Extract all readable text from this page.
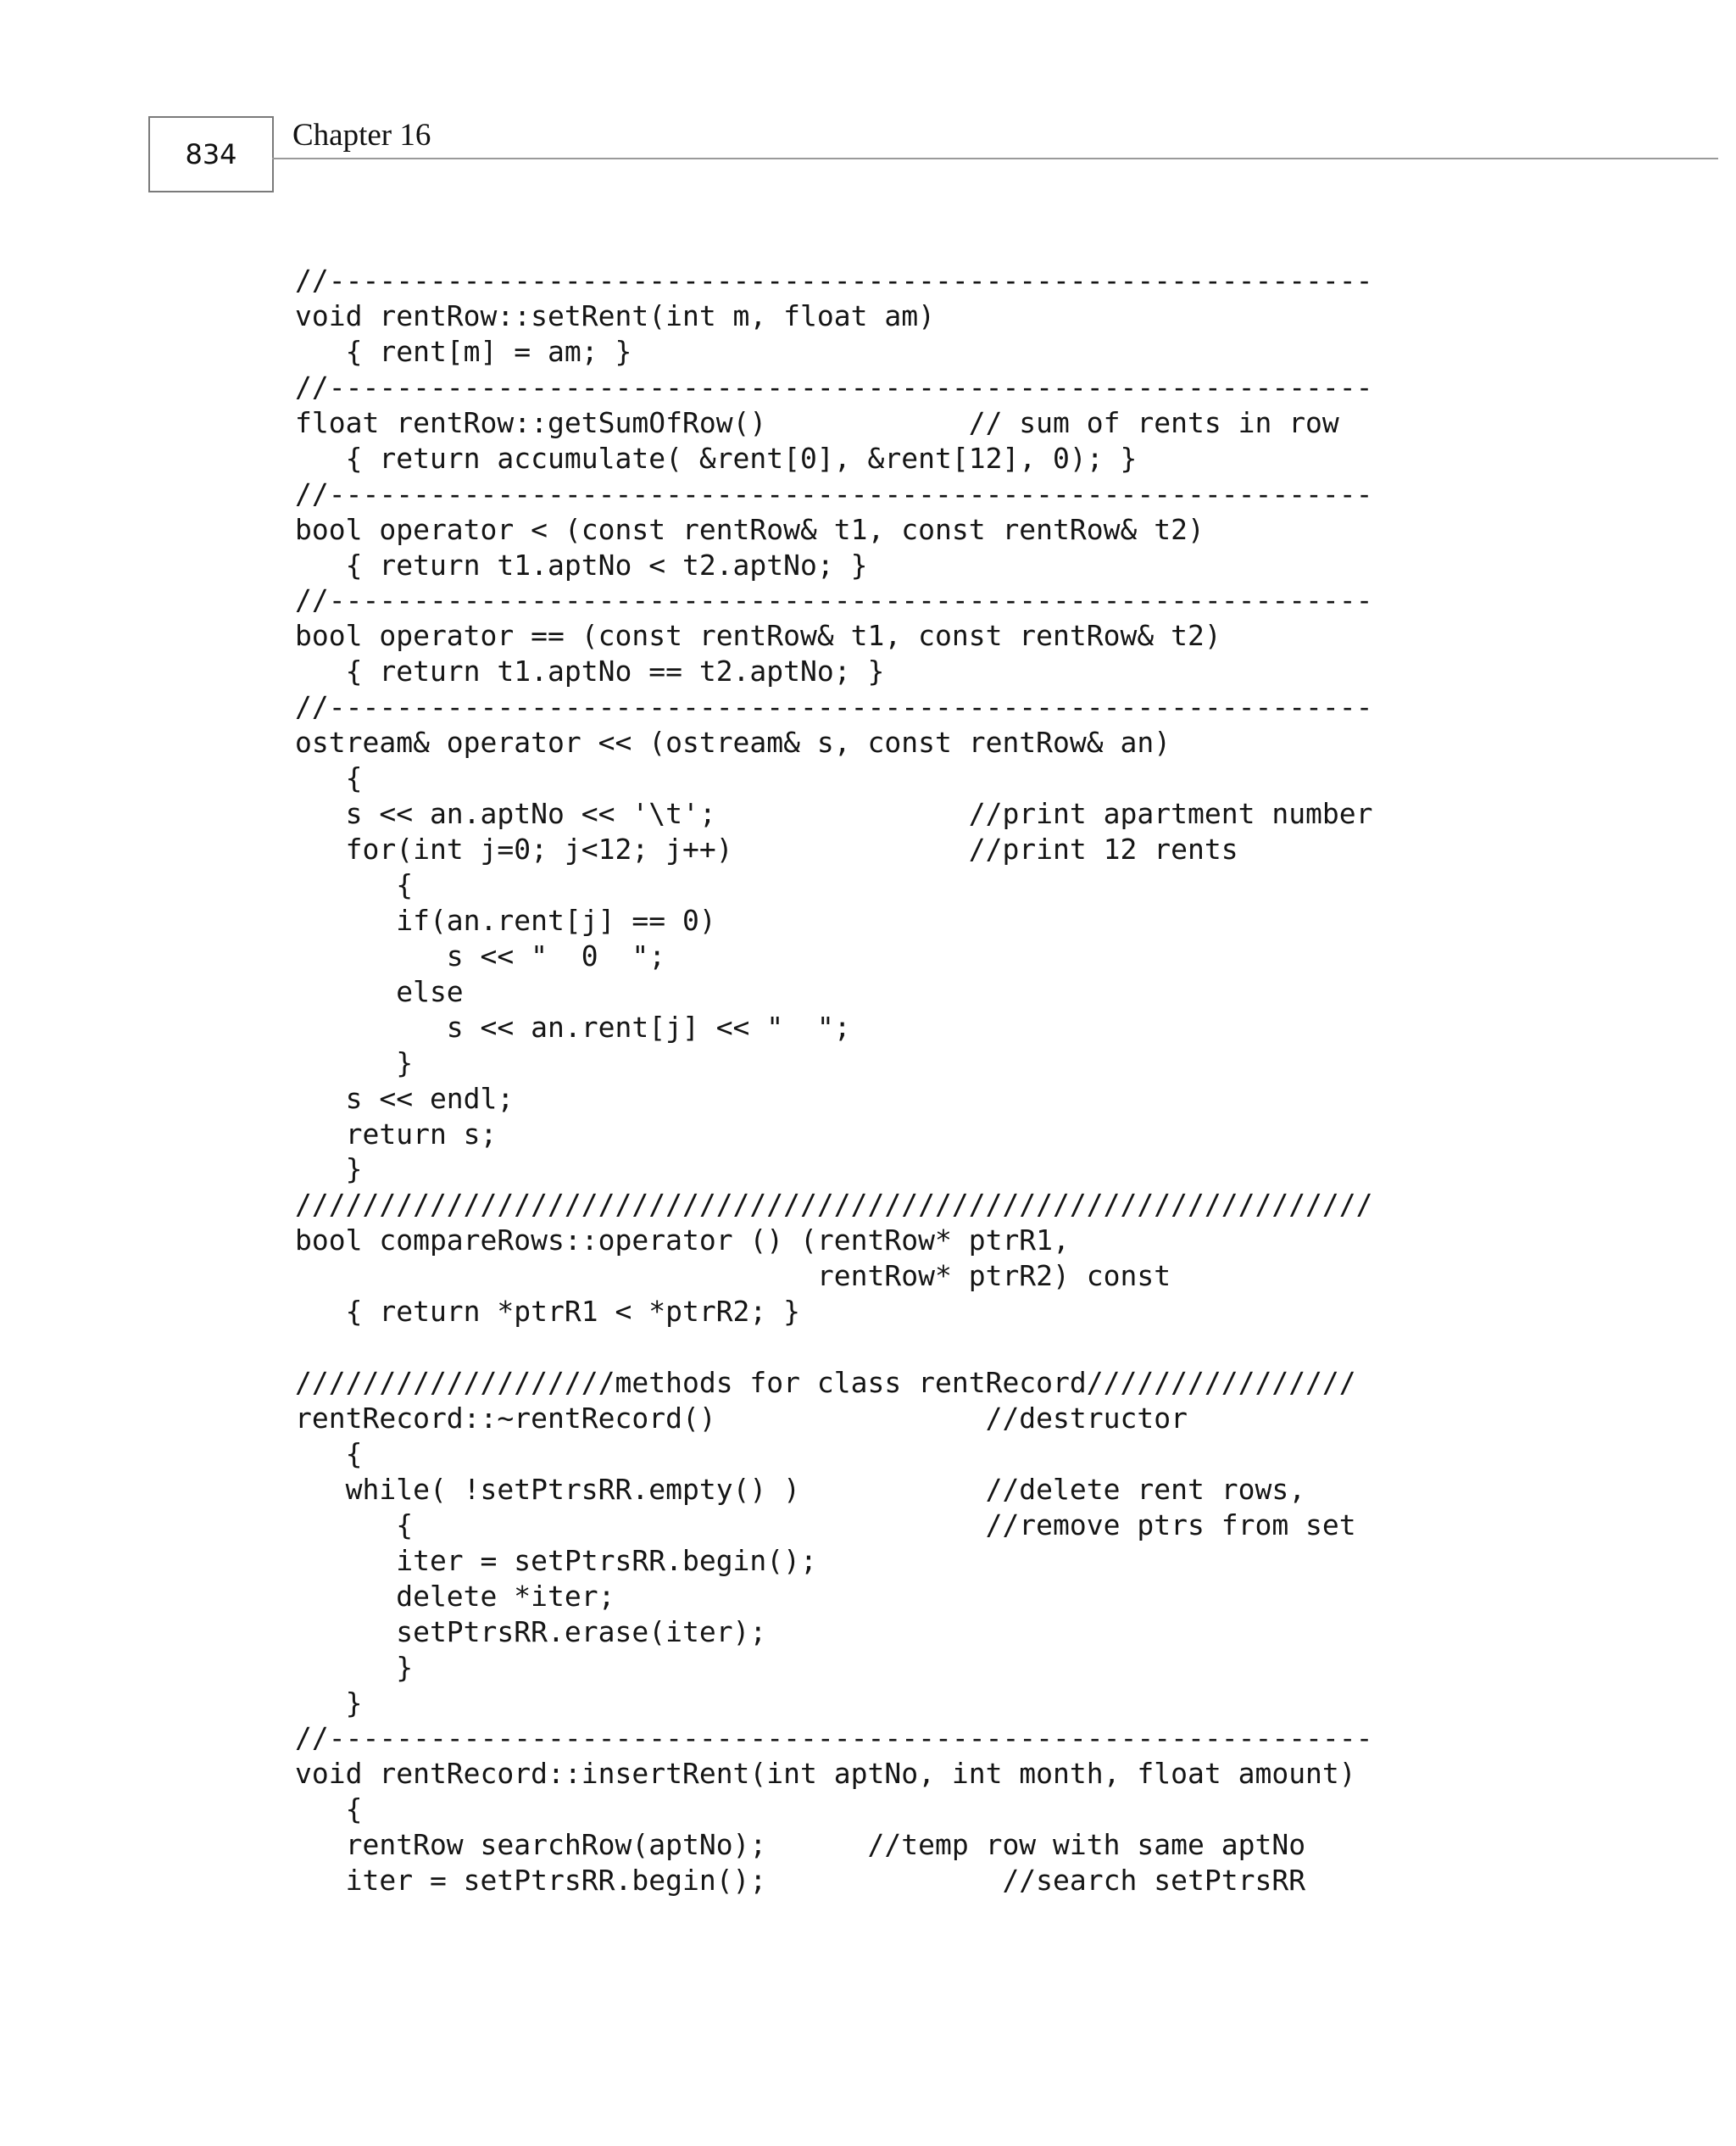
834
Chapter 16
//--------------------------------------------------------------
void rentRow::setRent(int m, float am)
{ rent[m] = am; }
//--------------------------------------------------------------
float rentRow::getSumOfRow()            // sum of rents in row
{ return accumulate( &rent[0], &rent[12], 0); }
//--------------------------------------------------------------
bool operator < (const rentRow& t1, const rentRow& t2)
{ return t1.aptNo < t2.aptNo; }
//--------------------------------------------------------------
bool operator == (const rentRow& t1, const rentRow& t2)
{ return t1.aptNo == t2.aptNo; }
//--------------------------------------------------------------
ostream& operator << (ostream& s, const rentRow& an)
{
s << an.aptNo << '\t';               //print apartment number
for(int j=0; j<12; j++)              //print 12 rents
{
if(an.rent[j] == 0)
s << "  0  ";
else
s << an.rent[j] << "  ";
}
s << endl;
return s;
}
////////////////////////////////////////////////////////////////
bool compareRows::operator () (rentRow* ptrR1,
rentRow* ptrR2) const
{ return *ptrR1 < *ptrR2; }
///////////////////methods for class rentRecord////////////////
rentRecord::~rentRecord()                //destructor
{
while( !setPtrsRR.empty() )           //delete rent rows,
{                                  //remove ptrs from set
iter = setPtrsRR.begin();
delete *iter;
setPtrsRR.erase(iter);
}
}
//--------------------------------------------------------------
void rentRecord::insertRent(int aptNo, int month, float amount)
{
rentRow searchRow(aptNo);      //temp row with same aptNo
iter = setPtrsRR.begin();              //search setPtrsRR
